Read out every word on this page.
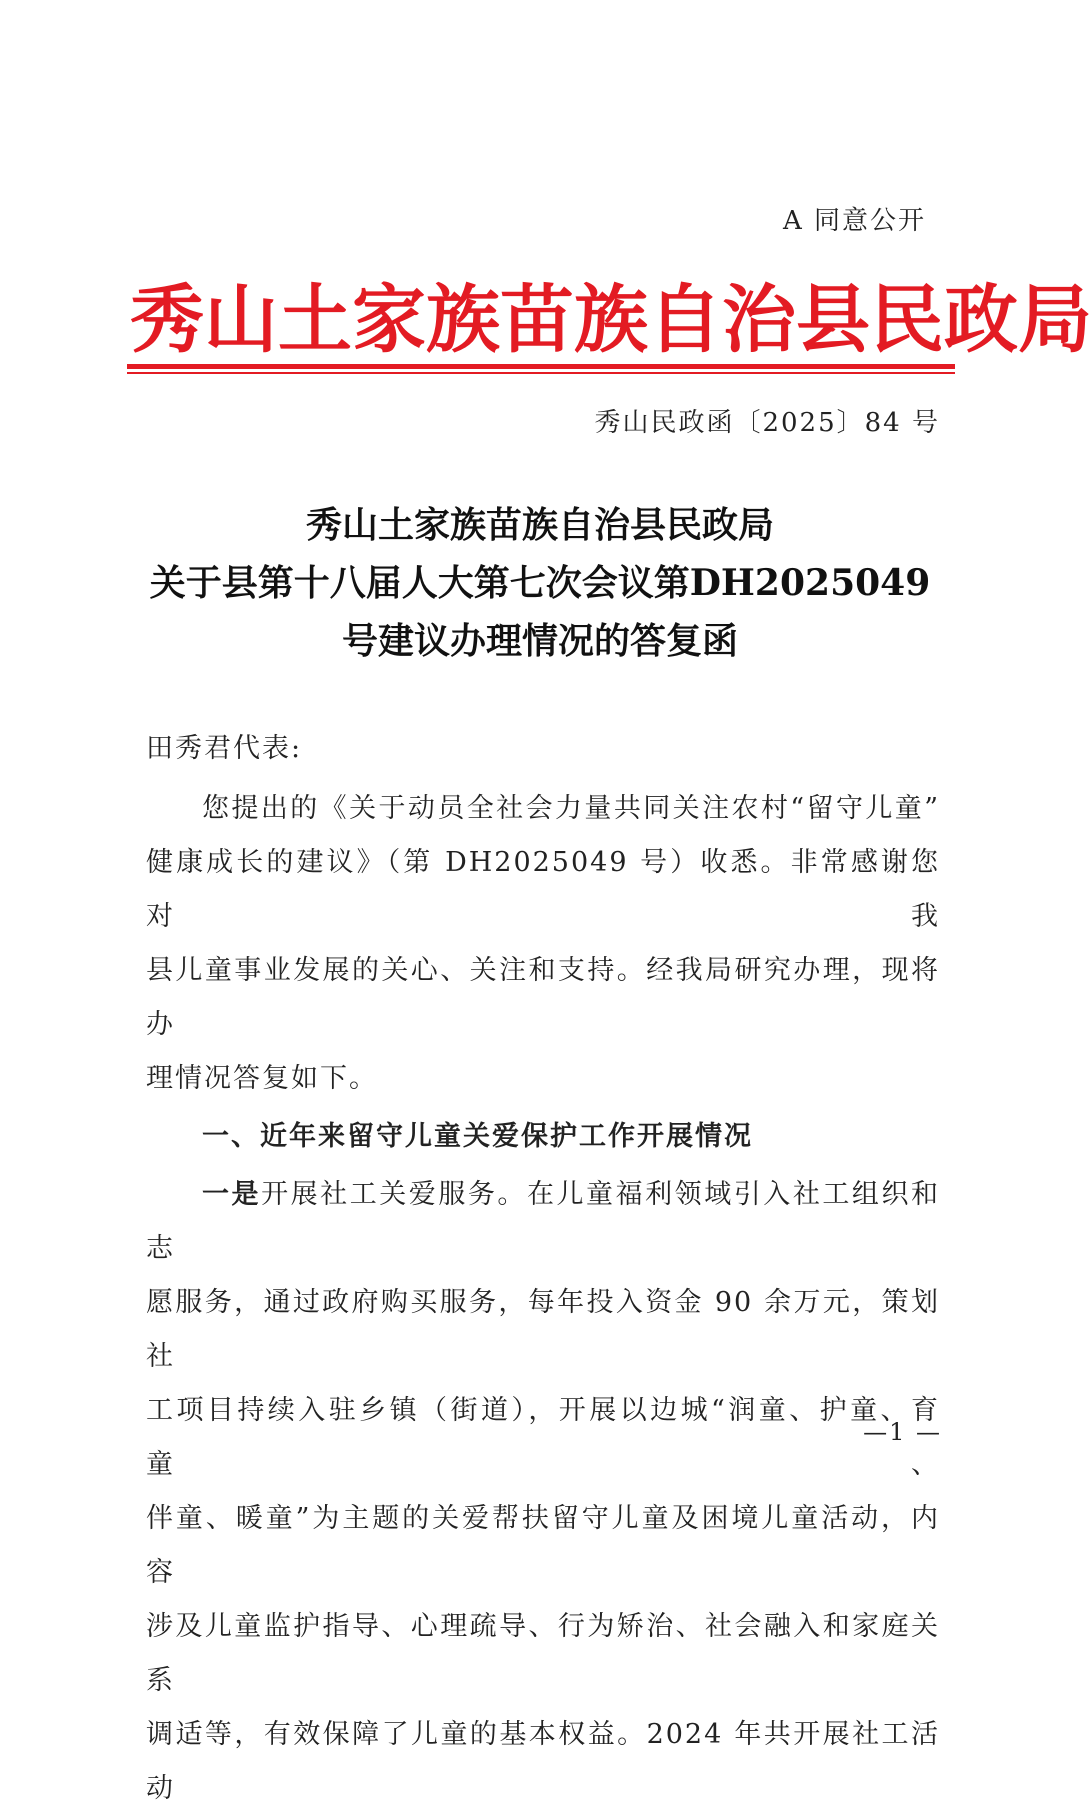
A 同意公开
秀 山 土 家 族 苗 族 自 治 县 民 政 局
秀山民政函〔2025〕84 号
秀山土家族苗族自治县民政局
关于县第十八届人大第七次会议第DH2025049
号建议办理情况的答复函

田秀君代表:

您提出的《关于动员全社会力量共同关注农村“留守儿童”

健康成长的建议》（第 DH2025049 号）收悉。非常感谢您对我

县儿童事业发展的关心、关注和支持。经我局研究办理，现将办

理情况答复如下。

一、近年来留守儿童关爱保护工作开展情况

一是开展社工关爱服务。在儿童福利领域引入社工组织和志

愿服务，通过政府购买服务，每年投入资金 90 余万元，策划社

工项目持续入驻乡镇（街道），开展以边城“润童、护童、育童、

伴童、暖童”为主题的关爱帮扶留守儿童及困境儿童活动，内容

涉及儿童监护指导、心理疏导、行为矫治、社会融入和家庭关系

调适等，有效保障了儿童的基本权益。2024 年共开展社工活动

—1 —
